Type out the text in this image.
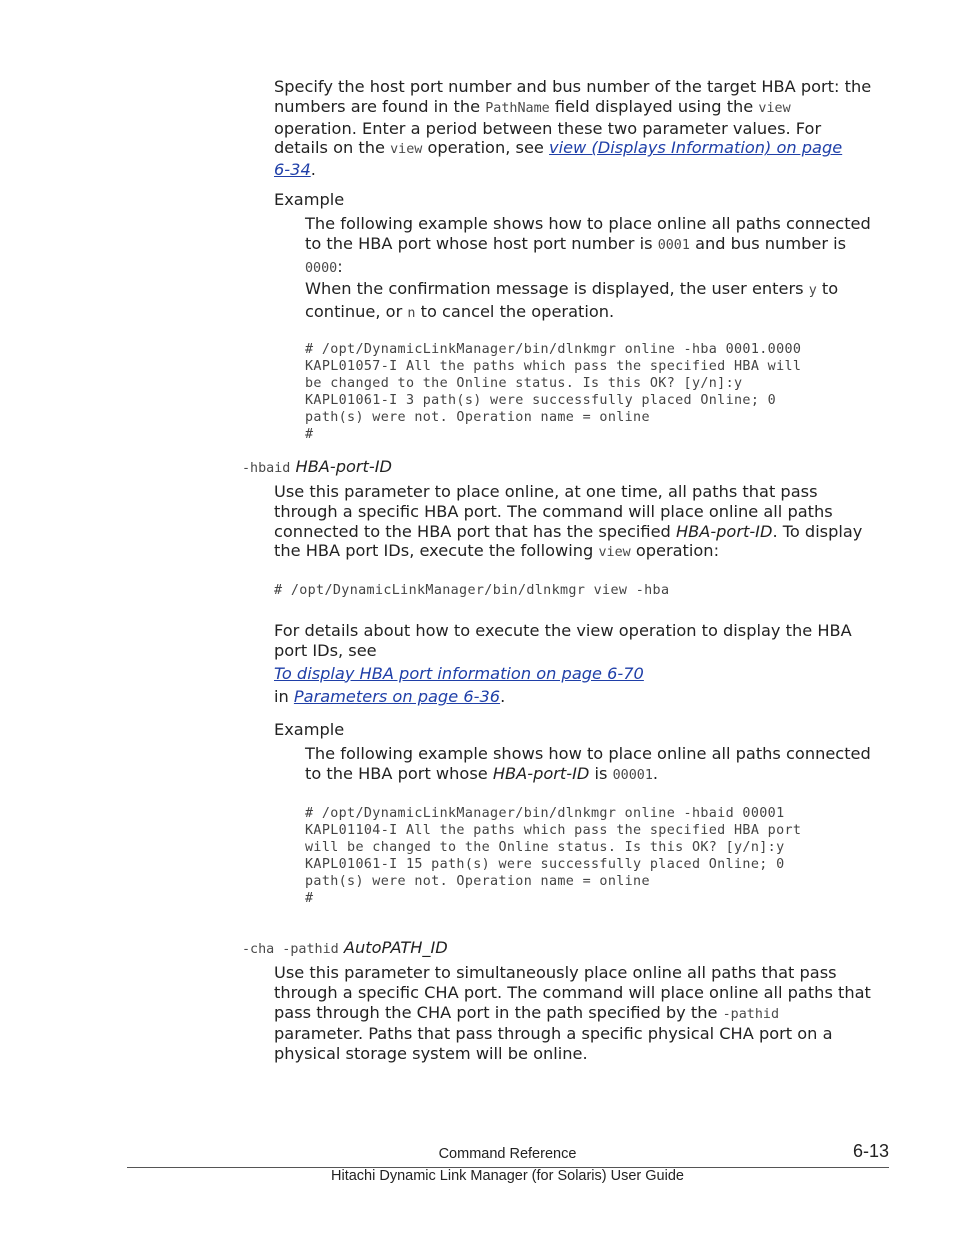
Specify the host port number and bus number of the target HBA port: the

numbers are found in the PathName field displayed using the view

operation. Enter a period between these two parameter values. For

details on the view operation, see view (Displays Information) on page

6-34.

Example

The following example shows how to place online all paths connected

to the HBA port whose host port number is 0001 and bus number is

0000:

When the confirmation message is displayed, the user enters y to

continue, or n to cancel the operation.

# /opt/DynamicLinkManager/bin/dlnkmgr online -hba 0001.0000
KAPL01057-I All the paths which pass the specified HBA will
be changed to the Online status. Is this OK? [y/n]:y
KAPL01061-I 3 path(s) were successfully placed Online; 0
path(s) were not. Operation name = online
#

-hbaid HBA-port-ID

Use this parameter to place online, at one time, all paths that pass

through a specific HBA port. The command will place online all paths

connected to the HBA port that has the specified HBA-port-ID. To display

the HBA port IDs, execute the following view operation:

# /opt/DynamicLinkManager/bin/dlnkmgr view -hba

For details about how to execute the view operation to display the HBA

port IDs, see

To display HBA port information on page 6-70

in Parameters on page 6-36.

Example

The following example shows how to place online all paths connected

to the HBA port whose HBA-port-ID is 00001.

# /opt/DynamicLinkManager/bin/dlnkmgr online -hbaid 00001
KAPL01104-I All the paths which pass the specified HBA port
will be changed to the Online status. Is this OK? [y/n]:y
KAPL01061-I 15 path(s) were successfully placed Online; 0
path(s) were not. Operation name = online
#

-cha -pathid AutoPATH_ID

Use this parameter to simultaneously place online all paths that pass

through a specific CHA port. The command will place online all paths that

pass through the CHA port in the path specified by the -pathid

parameter. Paths that pass through a specific physical CHA port on a

physical storage system will be online.

Command Reference	6-13
Hitachi Dynamic Link Manager (for Solaris) User Guide
